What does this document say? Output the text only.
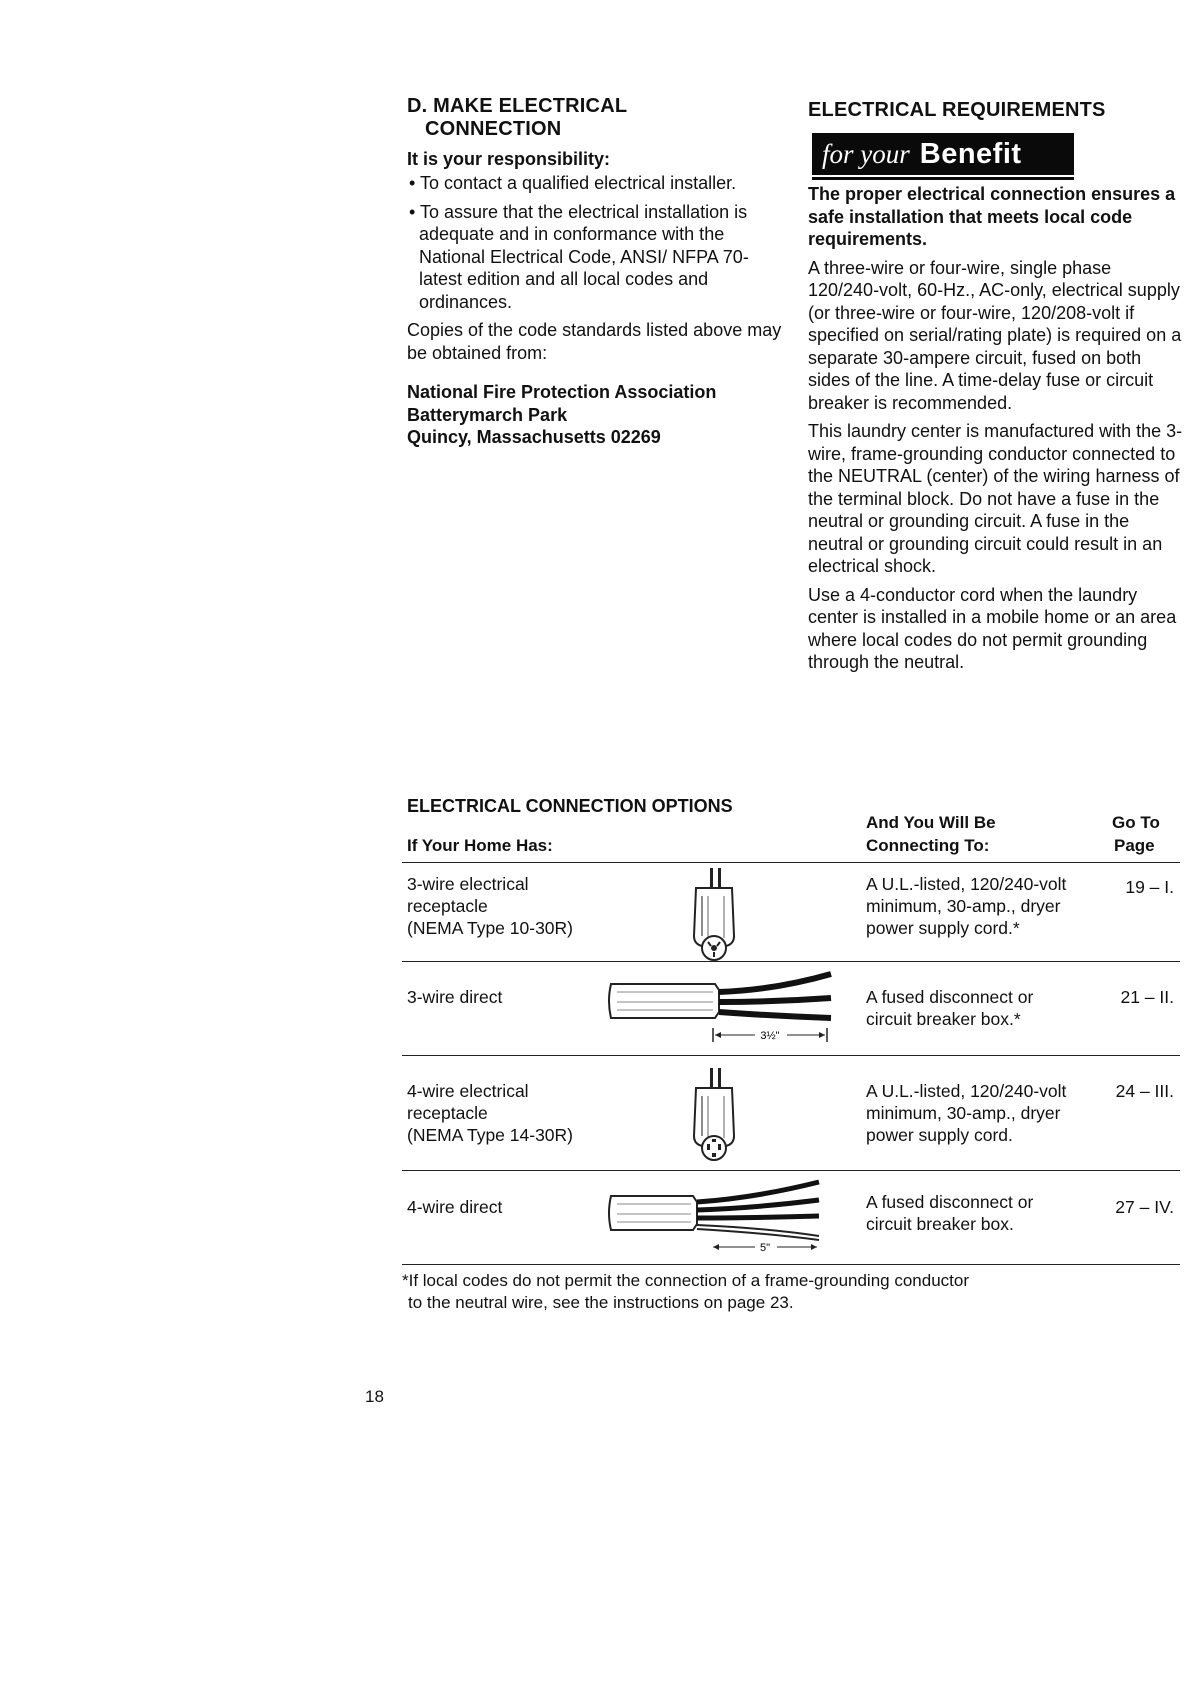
D. MAKE ELECTRICAL
CONNECTION
It is your responsibility:

• To contact a qualified electrical installer.

• To assure that the electrical installation is adequate and in conformance with the National Electrical Code, ANSI/ NFPA 70-latest edition and all local codes and ordinances.

Copies of the code standards listed above may be obtained from:

National Fire Protection Association
Batterymarch Park
Quincy, Massachusetts 02269
ELECTRICAL REQUIREMENTS
for your Benefit

The proper electrical connection ensures a safe installation that meets local code requirements.

A three-wire or four-wire, single phase 120/240-volt, 60-Hz., AC-only, electrical supply (or three-wire or four-wire, 120/208-volt if specified on serial/rating plate) is required on a separate 30-ampere circuit, fused on both sides of the line. A time-delay fuse or circuit breaker is recommended.

This laundry center is manufactured with the 3-wire, frame-grounding conductor connected to the NEUTRAL (center) of the wiring harness of the terminal block. Do not have a fuse in the neutral or grounding circuit. A fuse in the neutral or grounding circuit could result in an electrical shock.

Use a 4-conductor cord when the laundry center is installed in a mobile home or an area where local codes do not permit grounding through the neutral.

ELECTRICAL CONNECTION OPTIONS
If Your Home Has:
And You Will Be
Connecting To:
Go To
Page
3-wire electrical
receptacle
(NEMA Type 10-30R)
A U.L.-listed, 120/240-volt
minimum, 30-amp., dryer
power supply cord.*
19 – I.
3-wire direct
3½"
A fused disconnect or
circuit breaker box.*
21 – II.
4-wire electrical
receptacle
(NEMA Type 14-30R)
A U.L.-listed, 120/240-volt
minimum, 30-amp., dryer
power supply cord.
24 – III.
4-wire direct
5"
A fused disconnect or
circuit breaker box.
27 – IV.
*If local codes do not permit the connection of a frame-grounding conductor
to the neutral wire, see the instructions on page 23.
18
